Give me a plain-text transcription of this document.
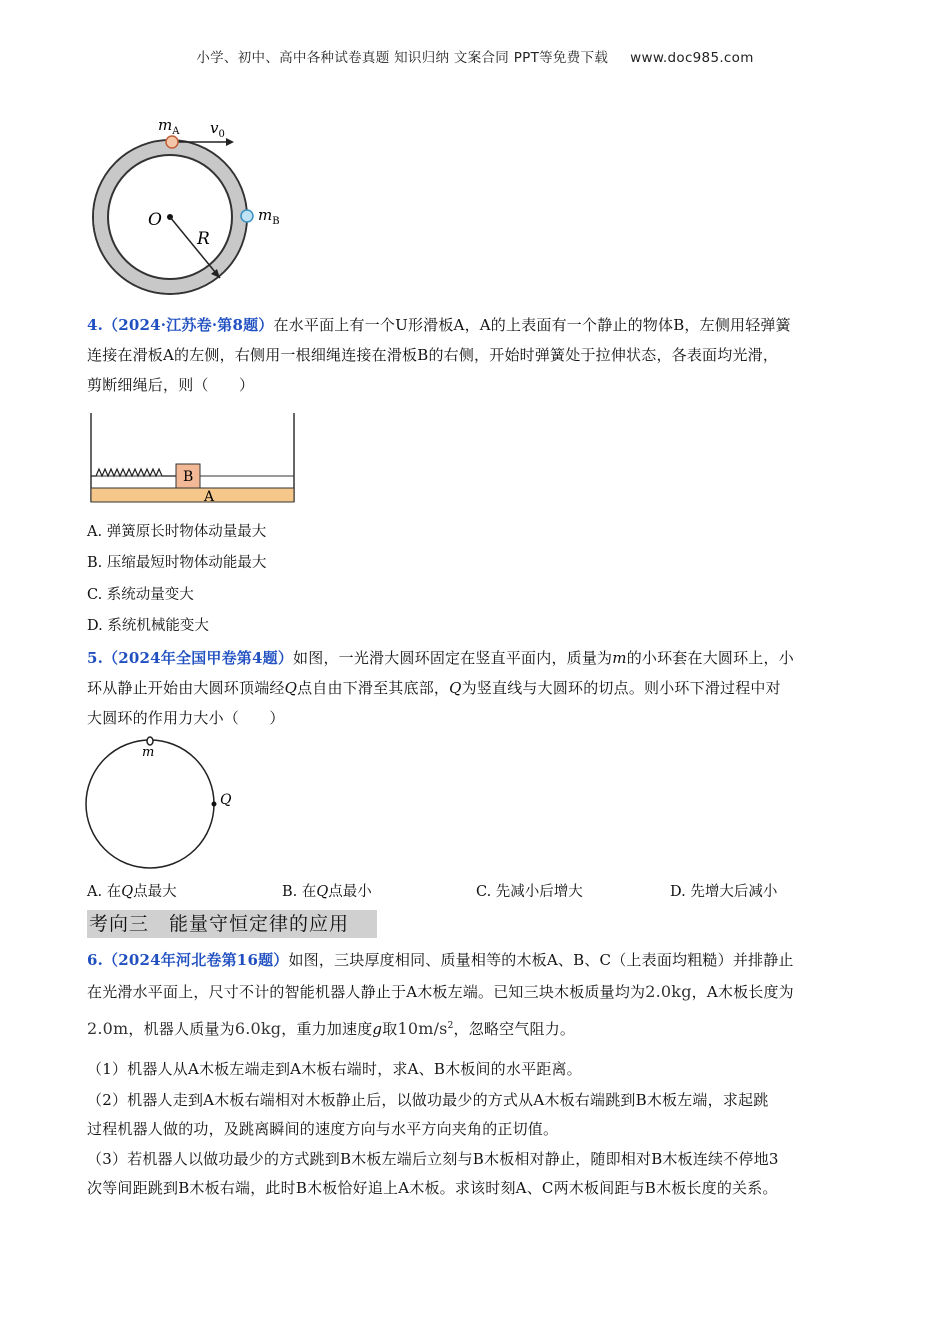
小学、初中、高中各种试卷真题 知识归纳 文案合同 PPT等免费下载 www.doc985.com
$m_A$ $v_0$
O
R
$m_B$
4.（2024·江苏卷·第8题）在水平面上有一个U形滑板A，A的上表面有一个静止的物体B，左侧用轻弹簧
连接在滑板A的左侧，右侧用一根细绳连接在滑板B的右侧，开始时弹簧处于拉伸状态，各表面均光滑，
剪断细绳后，则（　　）
B
A
A. 弹簧原长时物体动量最大
B. 压缩最短时物体动能最大
C. 系统动量变大
D. 系统机械能变大
5.（2024年全国甲卷第4题）如图，一光滑大圆环固定在竖直平面内，质量为m的小环套在大圆环上，小
环从静止开始由大圆环顶端经Q点自由下滑至其底部，Q为竖直线与大圆环的切点。则小环下滑过程中对
大圆环的作用力大小（　　）
m
Q
A. 在Q点最大	B. 在Q点最小	C. 先减小后增大	D. 先增大后减小
考向三　能量守恒定律的应用
6.（2024年河北卷第16题）如图，三块厚度相同、质量相等的木板A、B、C（上表面均粗糙）并排静止
在光滑水平面上，尺寸不计的智能机器人静止于A木板左端。已知三块木板质量均为2.0kg，A木板长度为
2.0m，机器人质量为6.0kg，重力加速度g取$10m/s^2$，忽略空气阻力。
（1）机器人从A木板左端走到A木板右端时，求A、B木板间的水平距离。
（2）机器人走到A木板右端相对木板静止后，以做功最少的方式从A木板右端跳到B木板左端，求起跳
过程机器人做的功，及跳离瞬间的速度方向与水平方向夹角的正切值。
（3）若机器人以做功最少的方式跳到B木板左端后立刻与B木板相对静止，随即相对B木板连续不停地3
次等间距跳到B木板右端，此时B木板恰好追上A木板。求该时刻A、C两木板间距与B木板长度的关系。
